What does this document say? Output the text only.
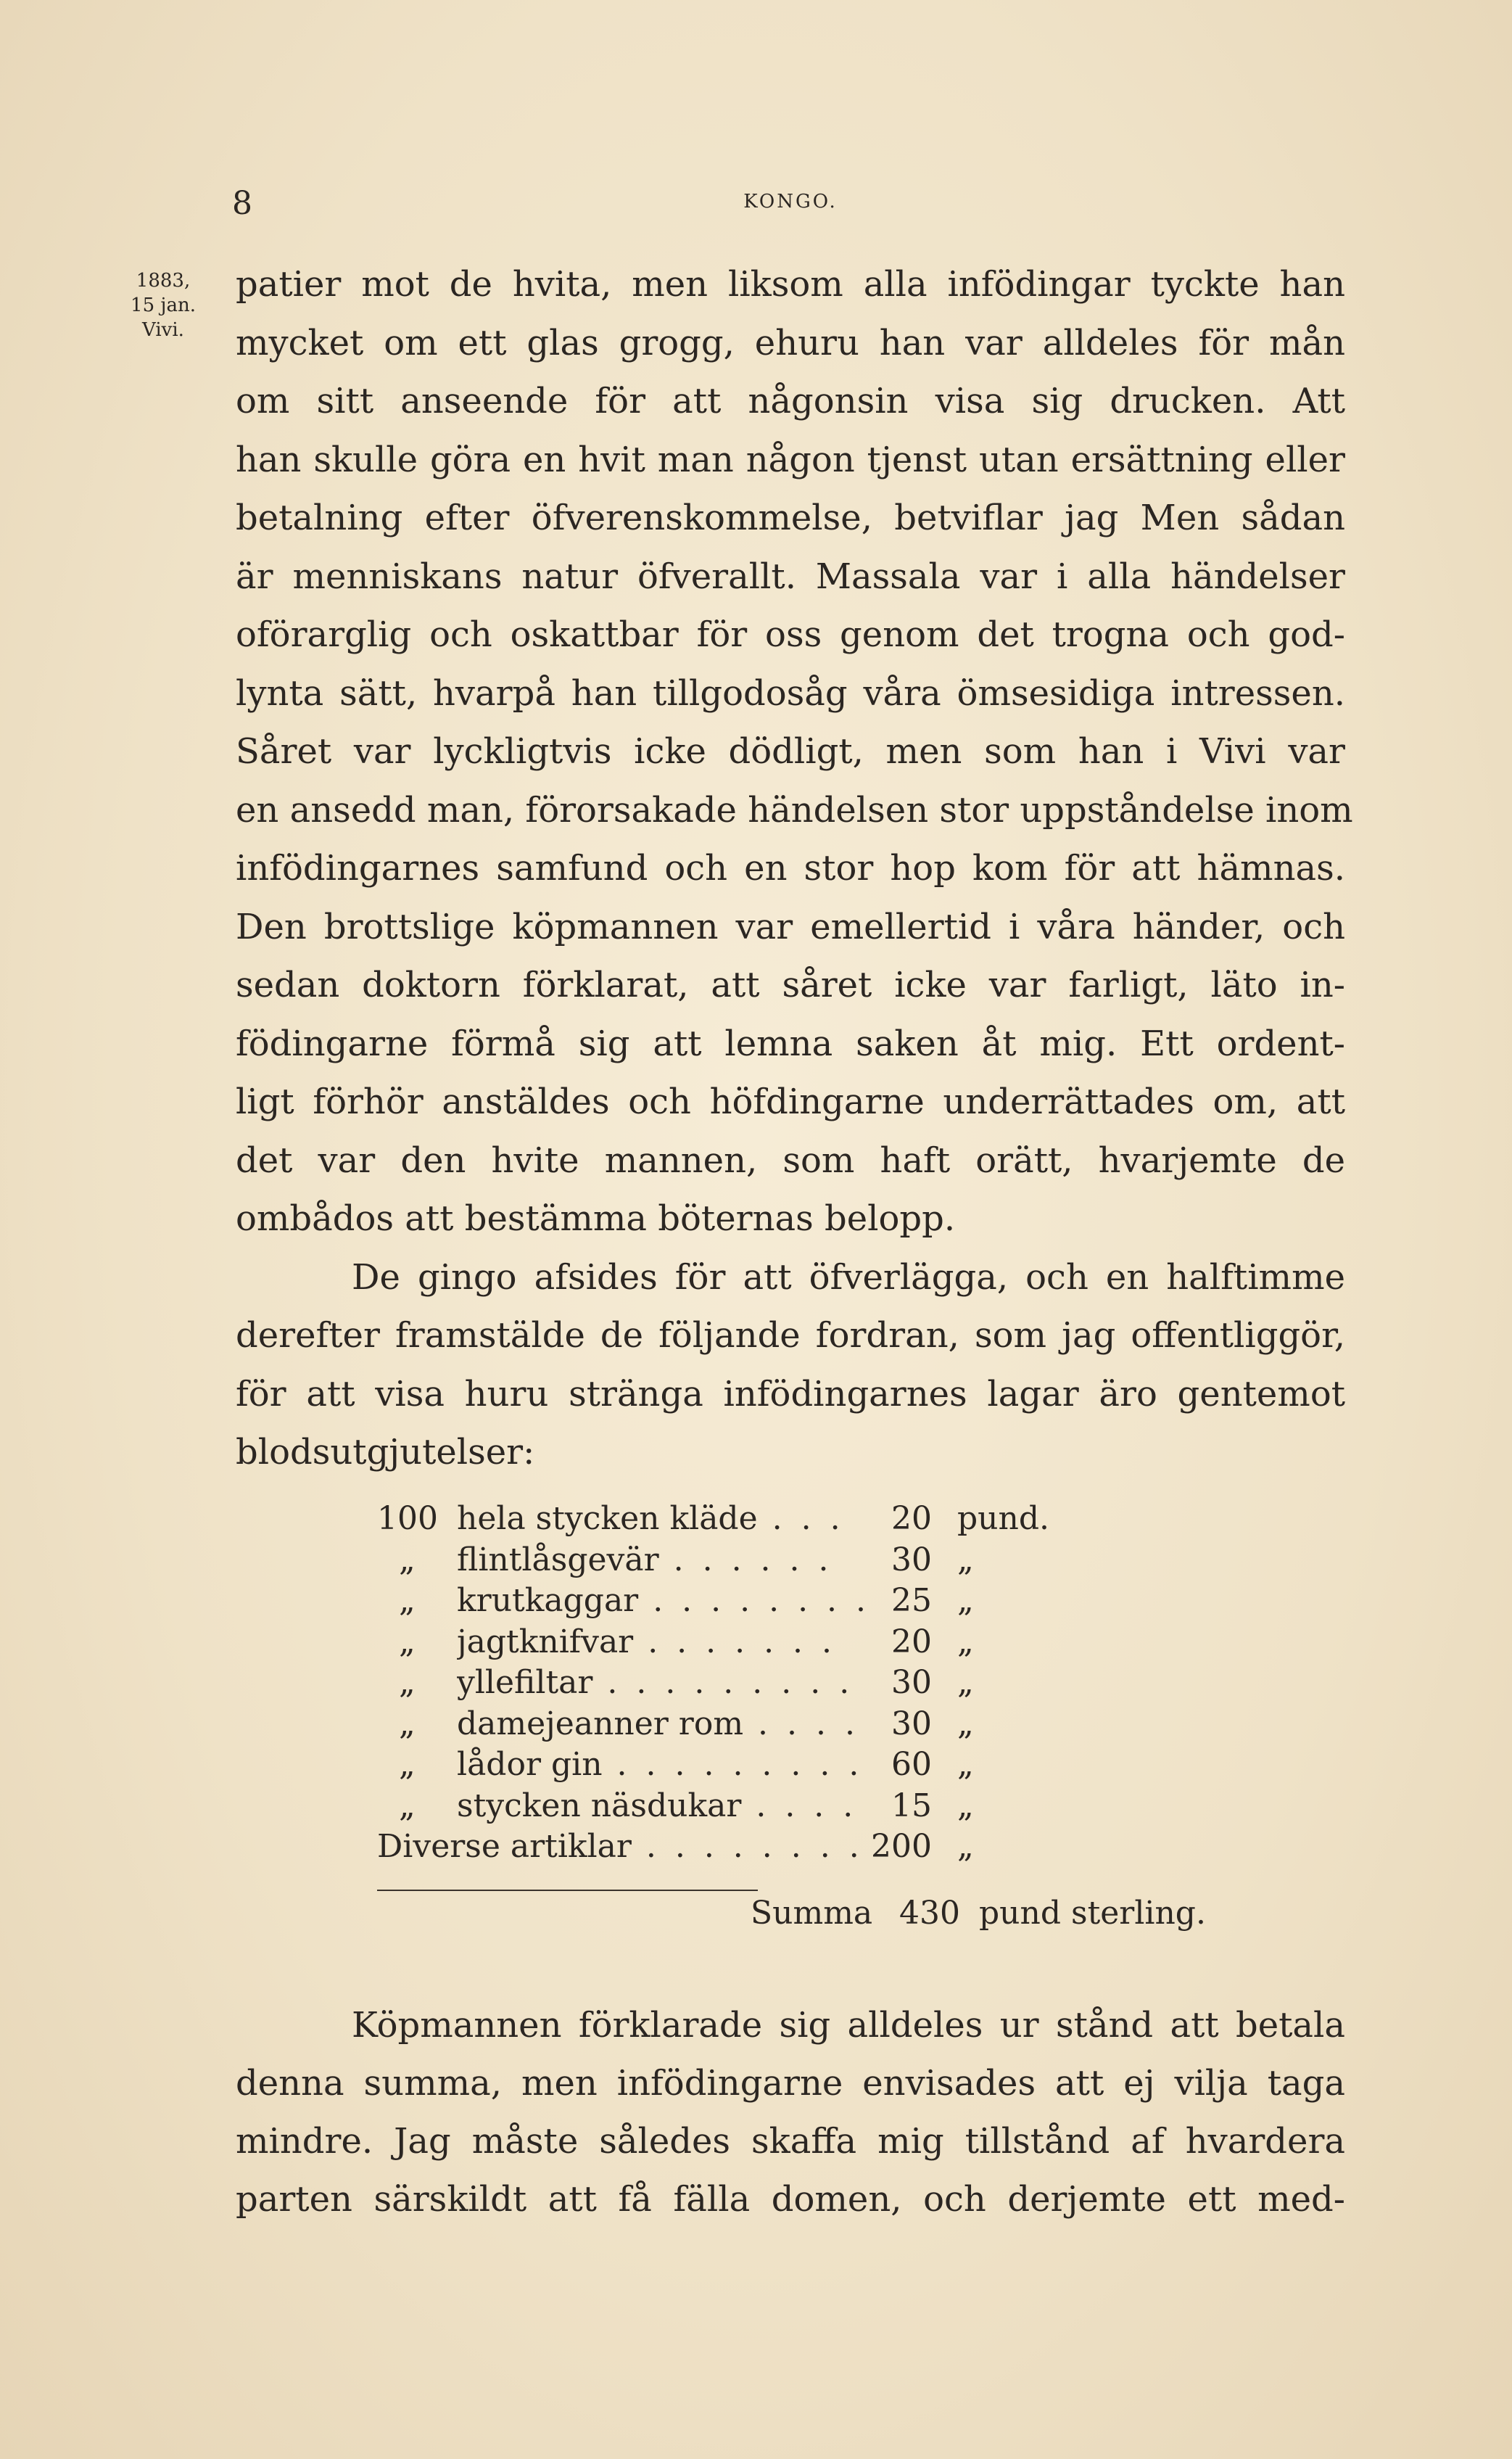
8	KONGO.
1883,
15 jan.
Vivi.
patier mot de hvita, men liksom alla infödingar tyckte han
mycket om ett glas grogg, ehuru han var alldeles för mån
om sitt anseende för att någonsin visa sig drucken. Att
han skulle göra en hvit man någon tjenst utan ersättning eller
betalning efter öfverenskommelse, betviflar jag Men sådan
är menniskans natur öfverallt. Massala var i alla händelser
oförarglig och oskattbar för oss genom det trogna och god-
lynta sätt, hvarpå han tillgodosåg våra ömsesidiga intressen.
Såret var lyckligtvis icke dödligt, men som han i Vivi var
en ansedd man, förorsakade händelsen stor uppståndelse inom
infödingarnes samfund och en stor hop kom för att hämnas.
Den brottslige köpmannen var emellertid i våra händer, och
sedan doktorn förklarat, att såret icke var farligt, läto in-
födingarne förmå sig att lemna saken åt mig. Ett ordent-
ligt förhör anstäldes och höfdingarne underrättades om, att
det var den hvite mannen, som haft orätt, hvarjemte de
ombådos att bestämma böternas belopp.
De gingo afsides för att öfverlägga, och en halftimme
derefter framstälde de följande fordran, som jag offentliggör,
för att visa huru stränga infödingarnes lagar äro gentemot
blodsutgjutelser:
100 hela stycken kläde . . .	20 pund.
„ flintlåsgevär . . . . . .	30 „
„ krutkaggar . . . . . . . . 25 „
„ jagtknifvar . . . . . . .	20 „
„ yllefiltar . . . . . . . . .	30 „
„ damejeanner rom . . . .	30 „
„ lådor gin . . . . . . . . . 60 „
„ stycken näsdukar . . . .	15 „
Diverse artiklar . . . . . . . . 200 „
Summa 430 pund sterling.
Köpmannen förklarade sig alldeles ur stånd att betala
denna summa, men infödingarne envisades att ej vilja taga
mindre. Jag måste således skaffa mig tillstånd af hvardera
parten särskildt att få fälla domen, och derjemte ett med-
